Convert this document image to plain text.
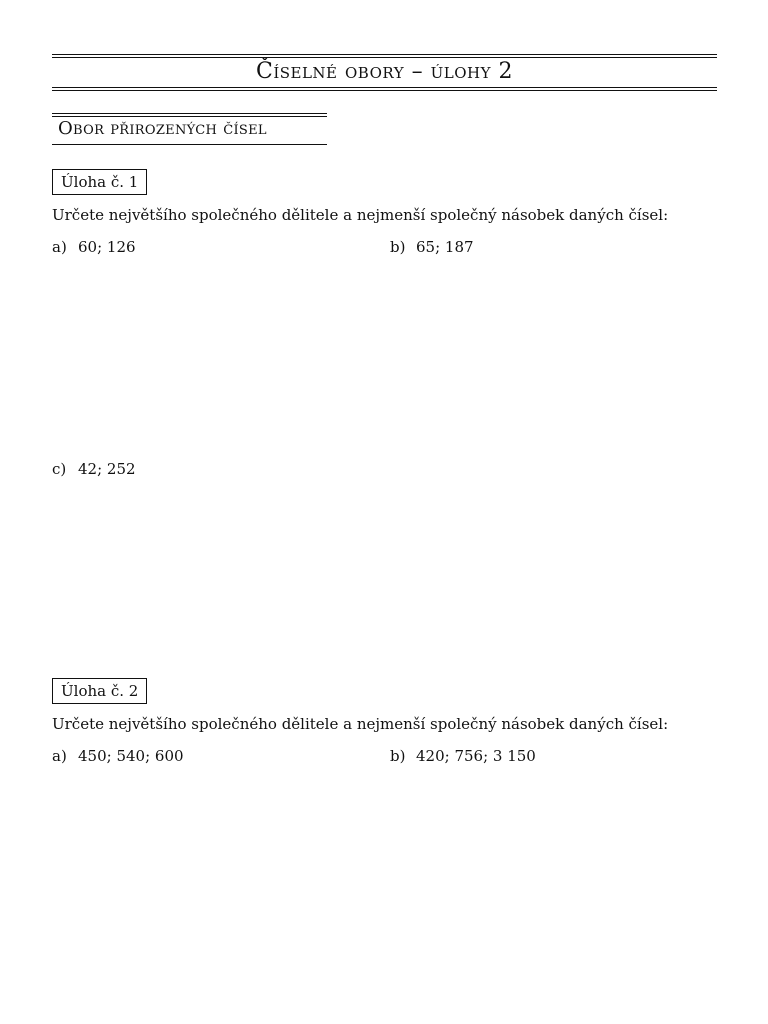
Číselné obory – úlohy 2
Obor přirozených čísel
Úloha č. 1
Určete největšího společného dělitele a nejmenší společný násobek daných čísel:
a) 60; 126	b) 65; 187
c) 42; 252
Úloha č. 2
Určete největšího společného dělitele a nejmenší společný násobek daných čísel:
a) 450; 540; 600	b) 420; 756; 3 150
